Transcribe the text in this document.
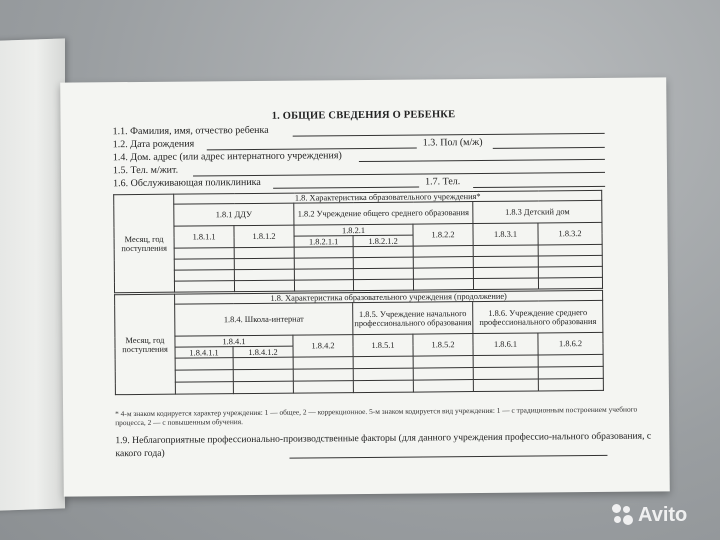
1. ОБЩИЕ СВЕДЕНИЯ О РЕБЕНКЕ
1.1. Фамилия, имя, отчество ребенка
1.2. Дата рождения	1.3. Пол (м/ж)
1.4. Дом. адрес (или адрес интернатного учреждения)
1.5. Тел. м/жит.
1.6. Обслуживающая поликлиника	1.7. Тел.
Месяц, год поступления	1.8. Характеристика образовательного учреждения*						
	1.8.1 ДДУ		1.8.2 Учреждение общего среднего образования			1.8.3 Детский дом	
	1.8.1.1	1.8.1.2	1.8.2.1		1.8.2.2	1.8.3.1	1.8.3.2
			1.8.2.1.1	1.8.2.1.2			

Месяц, год поступления	1.8. Характеристика образовательного учреждения (продолжение)						
	1.8.4. Школа-интернат			1.8.5. Учреждение начального профессионального образования		1.8.6. Учреждение среднего профессионального образования	
	1.8.4.1		1.8.4.2	1.8.5.1	1.8.5.2	1.8.6.1	1.8.6.2
	1.8.4.1.1	1.8.4.1.2					

* 4-м знаком кодируется характер учреждения: 1 — общее, 2 — коррекционное. 5-м знаком кодируется вид учреждения: 1 — с традиционным построением учебного процесса, 2 — с повышенным обучения.
1.9. Неблагоприятные профессионально-производственные факторы (для данного учреждения профессио-нального образования, с какого года)
Avito
